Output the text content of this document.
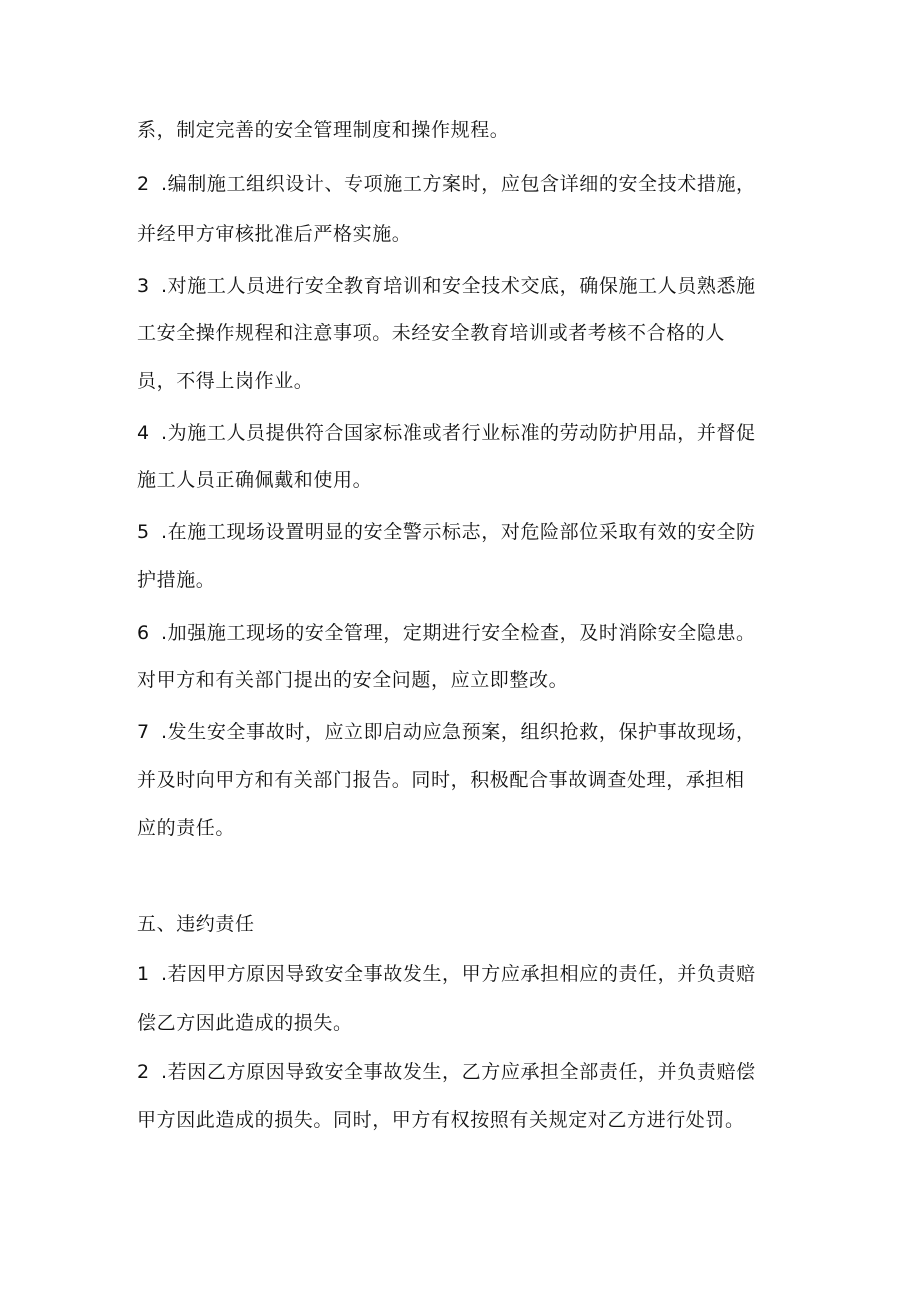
系，制定完善的安全管理制度和操作规程。
2 .编制施工组织设计、专项施工方案时，应包含详细的安全技术措施，
并经甲方审核批准后严格实施。
3 .对施工人员进行安全教育培训和安全技术交底，确保施工人员熟悉施
工安全操作规程和注意事项。未经安全教育培训或者考核不合格的人
员，不得上岗作业。
4 .为施工人员提供符合国家标准或者行业标准的劳动防护用品，并督促
施工人员正确佩戴和使用。
5 .在施工现场设置明显的安全警示标志，对危险部位采取有效的安全防
护措施。
6 .加强施工现场的安全管理，定期进行安全检查，及时消除安全隐患。
对甲方和有关部门提出的安全问题，应立即整改。
7 .发生安全事故时，应立即启动应急预案，组织抢救，保护事故现场，
并及时向甲方和有关部门报告。同时，积极配合事故调查处理，承担相
应的责任。
五、违约责任
1 .若因甲方原因导致安全事故发生，甲方应承担相应的责任，并负责赔
偿乙方因此造成的损失。
2 .若因乙方原因导致安全事故发生，乙方应承担全部责任，并负责赔偿
甲方因此造成的损失。同时，甲方有权按照有关规定对乙方进行处罚。
